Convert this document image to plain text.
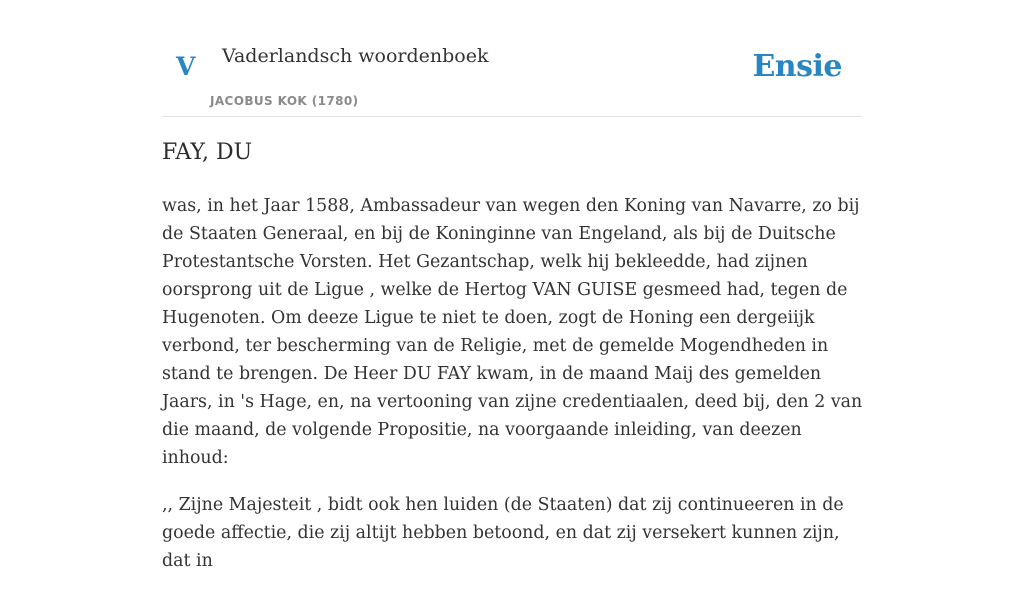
V Vaderlandsch woordenboek
JACOBUS KOK (1780)
Ensie
FAY, DU

was, in het Jaar 1588, Ambassadeur van wegen den Koning van Navarre, zo bij de Staaten Generaal, en bij de Koninginne van Engeland, als bij de Duitsche Protestantsche Vorsten. Het Gezantschap, welk hij bekleedde, had zijnen oorsprong uit de Ligue , welke de Hertog VAN GUISE gesmeed had, tegen de Hugenoten. Om deeze Ligue te niet te doen, zogt de Honing een dergeiijk verbond, ter bescherming van de Religie, met de gemelde Mogendheden in stand te brengen. De Heer DU FAY kwam, in de maand Maij des gemelden Jaars, in 's Hage, en, na vertooning van zijne credentiaalen, deed bij, den 2 van die maand, de volgende Propositie, na voorgaande inleiding, van deezen inhoud:

,, Zijne Majesteit , bidt ook hen luiden (de Staaten) dat zij continueeren in de goede affectie, die zij altijt hebben betoond, en dat zij versekert kunnen zijn, dat in
